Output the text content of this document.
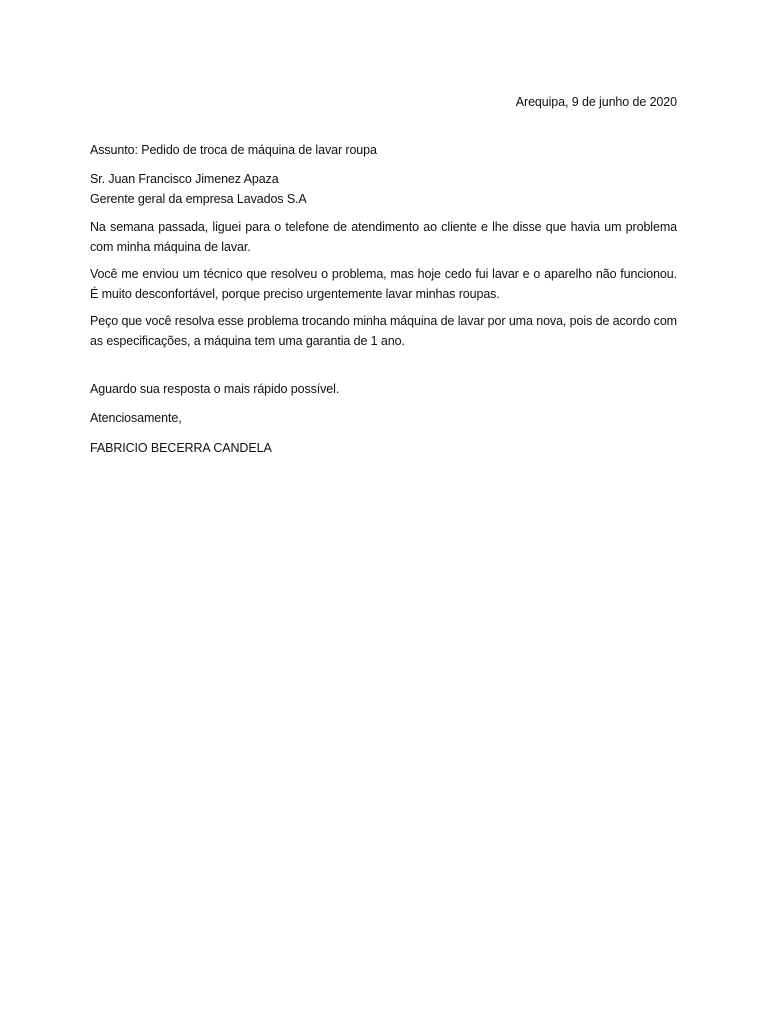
Arequipa, 9 de junho de 2020
Assunto: Pedido de troca de máquina de lavar roupa
Sr. Juan Francisco Jimenez Apaza
Gerente geral da empresa Lavados S.A
Na semana passada, liguei para o telefone de atendimento ao cliente e lhe disse que havia um problema com minha máquina de lavar.
Você me enviou um técnico que resolveu o problema, mas hoje cedo fui lavar e o aparelho não funcionou. É muito desconfortável, porque preciso urgentemente lavar minhas roupas.
Peço que você resolva esse problema trocando minha máquina de lavar por uma nova, pois de acordo com as especificações, a máquina tem uma garantia de 1 ano.
Aguardo sua resposta o mais rápido possível.
Atenciosamente,
FABRICIO BECERRA CANDELA
